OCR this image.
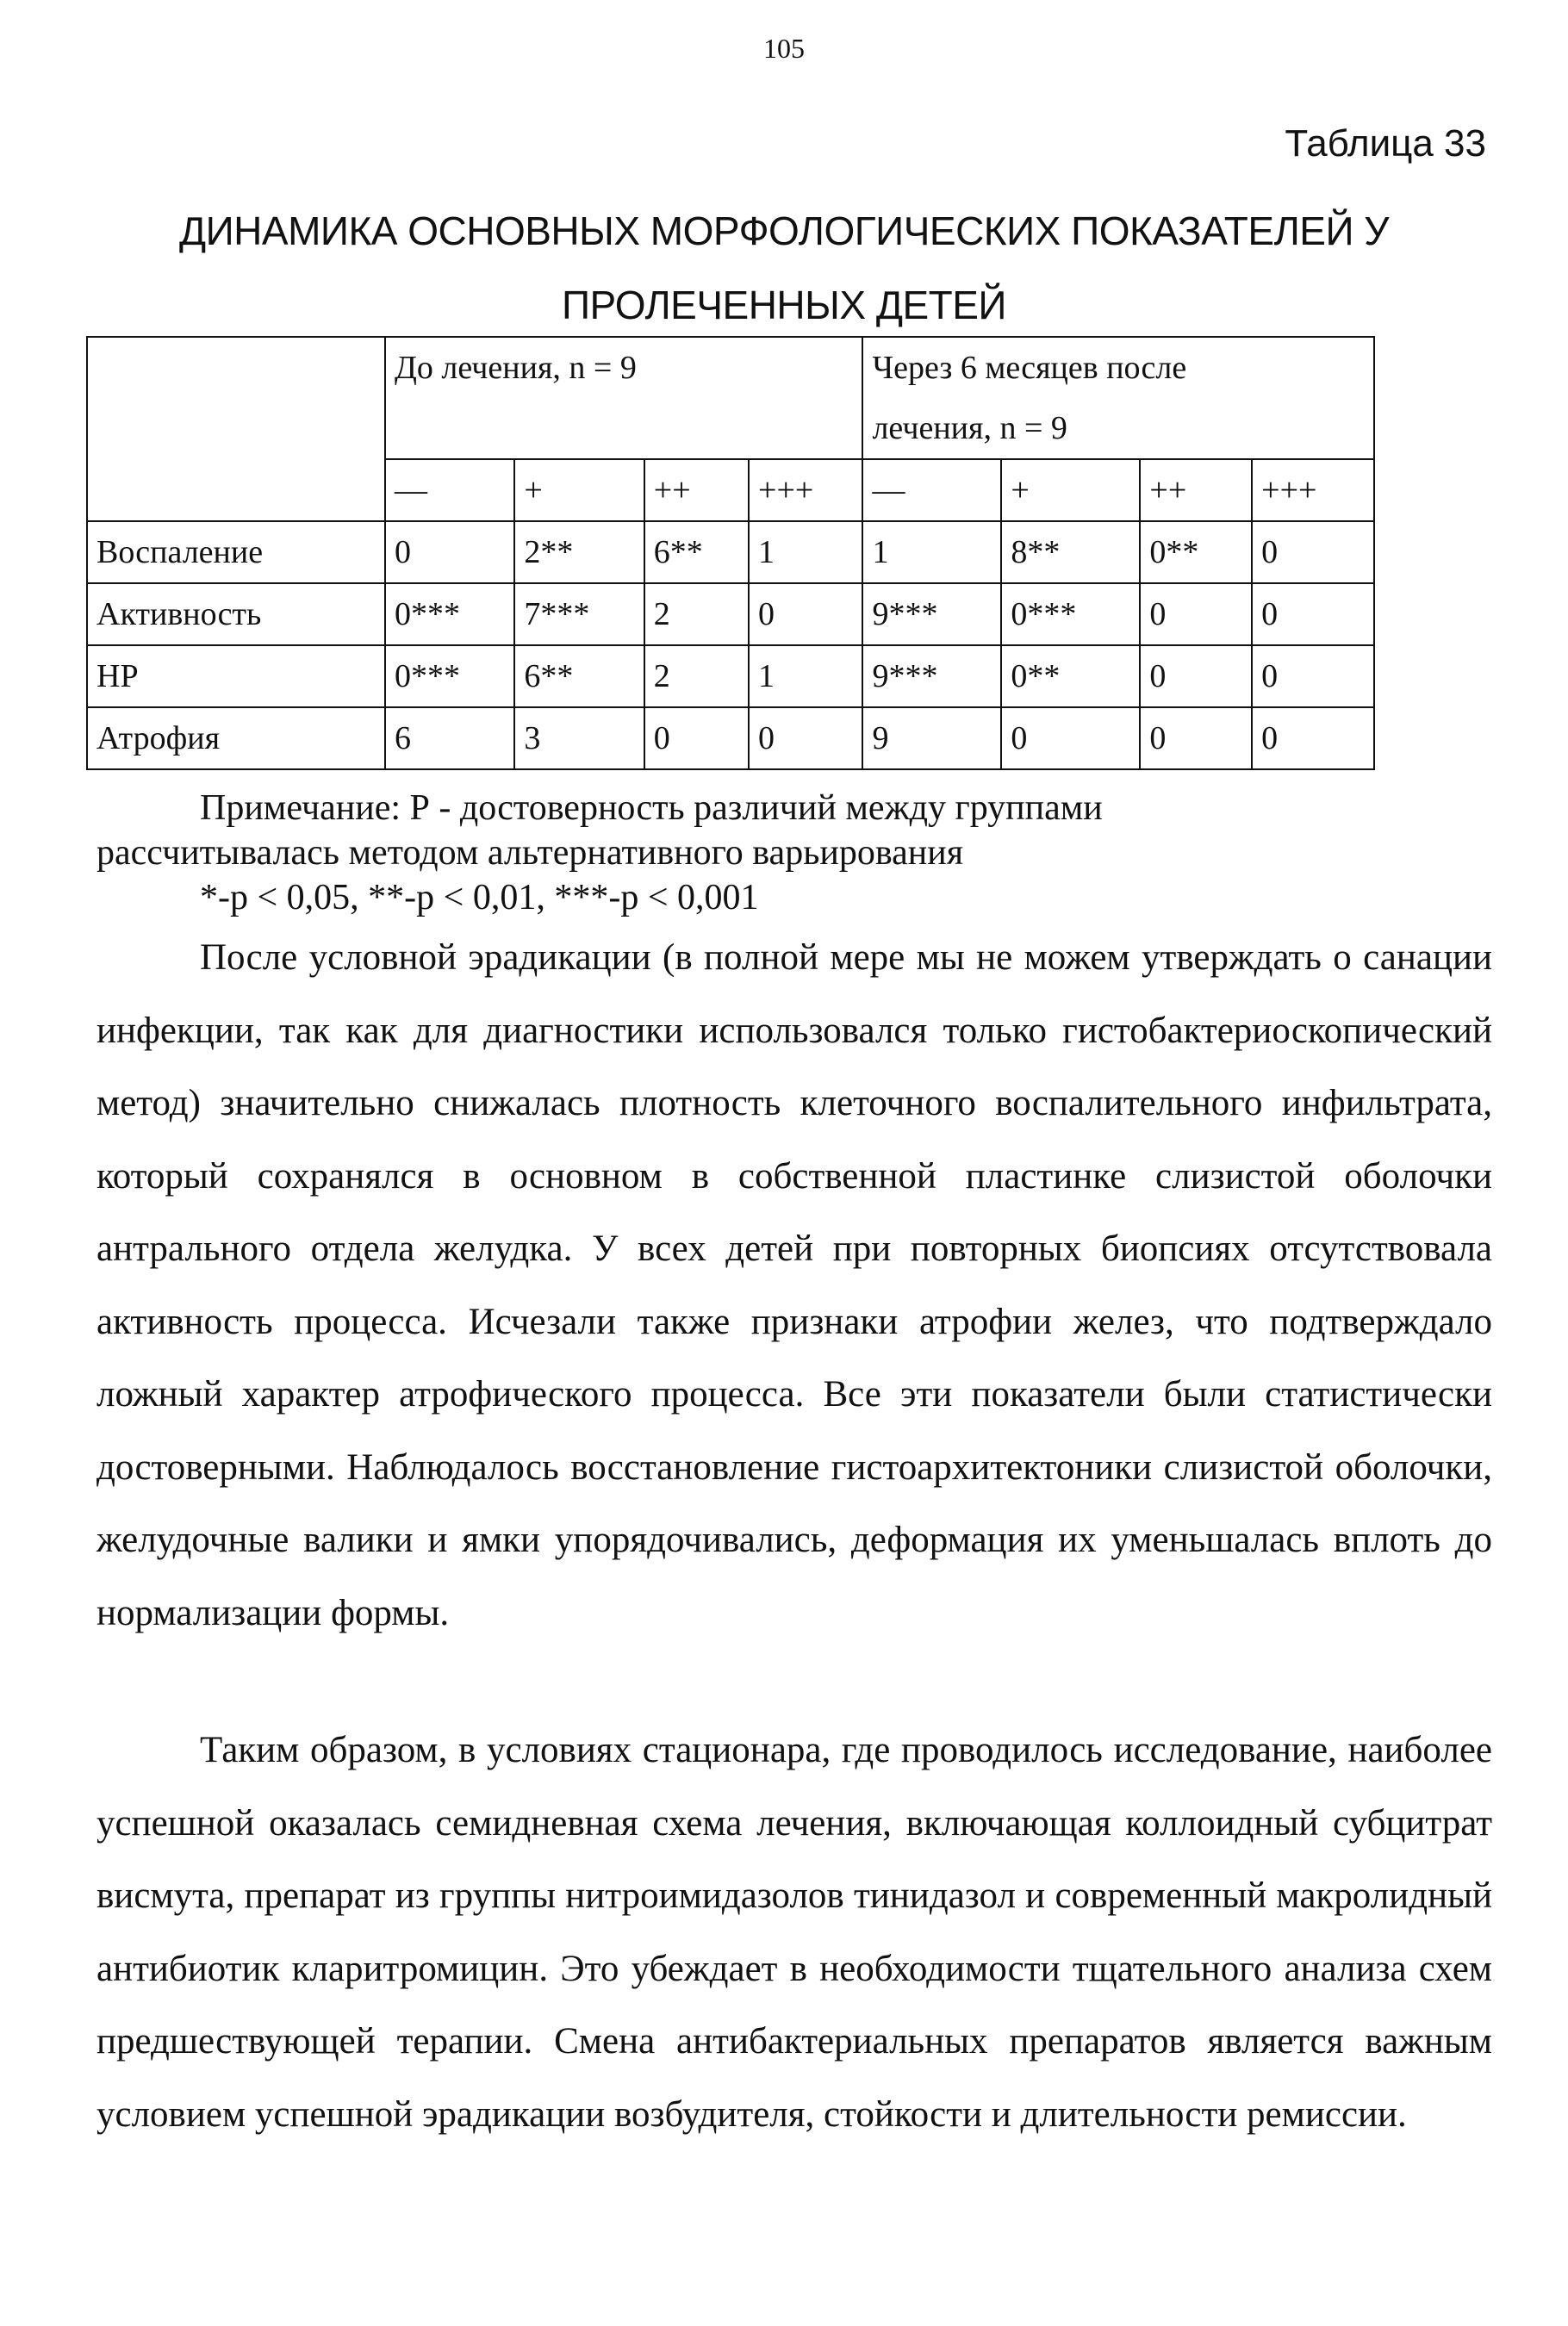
105
Таблица 33
ДИНАМИКА ОСНОВНЫХ МОРФОЛОГИЧЕСКИХ ПОКАЗАТЕЛЕЙ У
ПРОЛЕЧЕННЫХ ДЕТЕЙ

	До лечения, n = 9				Через 6 месяцев после
лечения, n = 9			

	—	+	++	+++	—	+	++	+++
Воспаление	0	2**	6**	1	1	8**	0**	0
Активность	0***	7***	2	0	9***	0***	0	0
НР	0***	6**	2	1	9***	0**	0	0
Атрофия	6	3	0	0	9	0	0	0
Примечание: Р - достоверность различий между группами
рассчитывалась методом альтернативного варьирования
*-р < 0,05, **-р < 0,01, ***-р < 0,001
После условной эрадикации (в полной мере мы не можем утверждать о санации инфекции, так как для диагностики использовался только гистобактериоскопический метод) значительно снижалась плотность клеточного воспалительного инфильтрата, который сохранялся в основном в собственной пластинке слизистой оболочки антрального отдела желудка. У всех детей при повторных биопсиях отсутствовала активность процесса. Исчезали также признаки атрофии желез, что подтверждало ложный характер атрофического процесса. Все эти показатели были статистически достоверными. Наблюдалось восстановление гистоархитектоники слизистой оболочки, желудочные валики и ямки упорядочивались, деформация их уменьшалась вплоть до нормализации формы.
Таким образом, в условиях стационара, где проводилось исследование, наиболее успешной оказалась семидневная схема лечения, включающая коллоидный субцитрат висмута, препарат из группы нитроимидазолов тинидазол и современный макролидный антибиотик кларитромицин. Это убеждает в необходимости тщательного анализа схем предшествующей терапии. Смена антибактериальных препаратов является важным условием успешной эрадикации возбудителя, стойкости и длительности ремиссии.
